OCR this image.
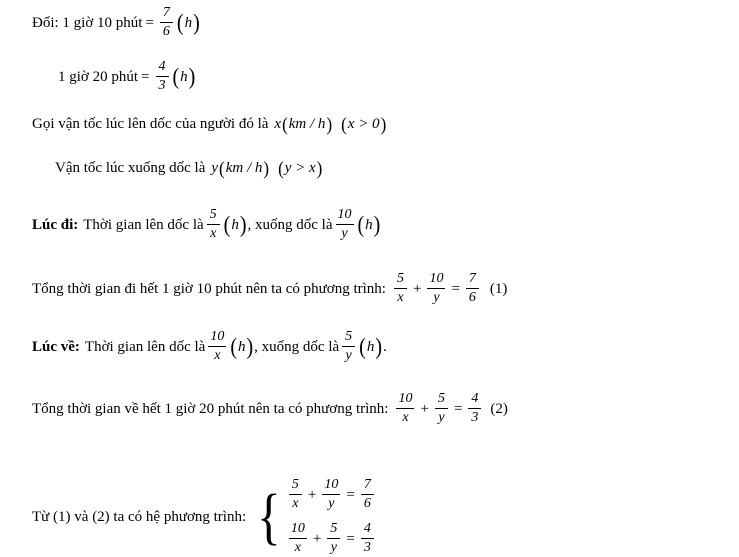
Đổi: 1 giờ 10 phút = $\frac{7}{6}$ ( h )
1 giờ 20 phút = $\frac{4}{3}$ ( h )
Gọi vận tốc lúc lên dốc của người đó là x ( km / h ) ( x > 0 )
Vận tốc lúc xuống dốc là y ( km / h ) ( y > x )
Lúc đi: Thời gian lên dốc là $\frac{5}{x}$ ( h ) , xuống dốc là $\frac{10}{y}$ ( h )
Tổng thời gian đi hết 1 giờ 10 phút nên ta có phương trình: $\frac{5}{x} + \frac{10}{y} = \frac{7}{6} (1)$
Lúc về: Thời gian lên dốc là $\frac{10}{x}$ ( h ) , xuống dốc là $\frac{5}{y}$ ( h ) .
Tổng thời gian về hết 1 giờ 20 phút nên ta có phương trình: $\frac{10}{x} + \frac{5}{y} = \frac{4}{3} (2)$
Từ (1) và (2) ta có hệ phương trình: { $\frac{5}{x} + \frac{10}{y} = \frac{7}{6}$
$\frac{10}{x} + \frac{5}{y} = \frac{4}{3}$
